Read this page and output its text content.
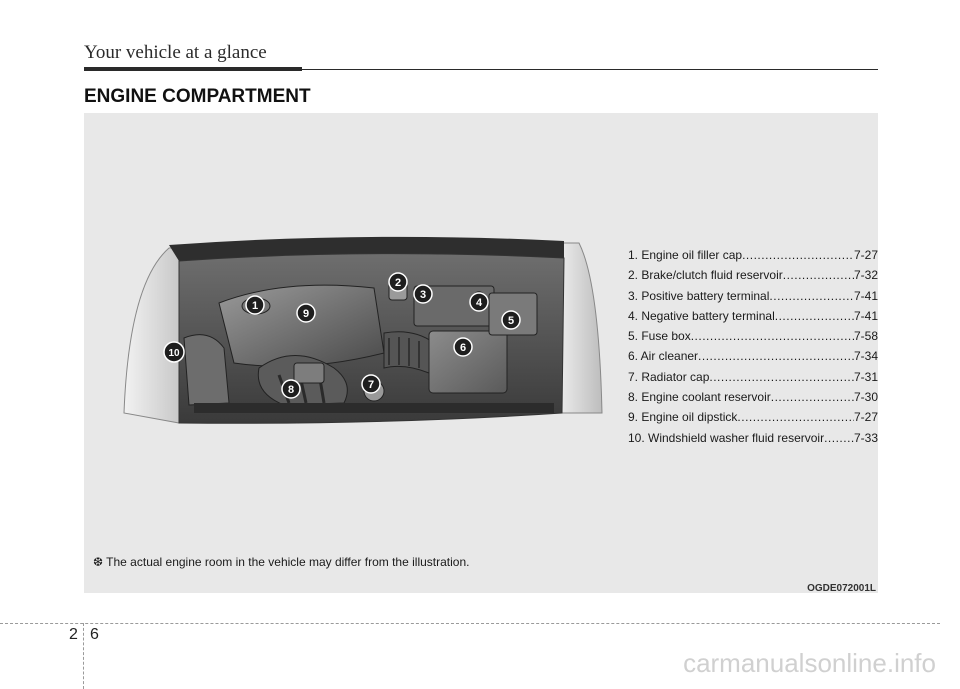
Your vehicle at a glance
ENGINE COMPARTMENT
1
2
3
4
5
6
7
8
9
10
1. Engine oil filler cap .....	7-27
2. Brake/clutch fluid reservoir .....	7-32
3. Positive battery terminal .....	7-41
4. Negative battery terminal .....	7-41
5. Fuse box .....	7-58
6. Air cleaner .....	7-34
7. Radiator cap .....	7-31
8. Engine coolant reservoir .....	7-30
9. Engine oil dipstick .....	7-27
10. Windshield washer fluid reservoir ..... 7-33
❆ The actual engine room in the vehicle may differ from the illustration.
OGDE072001L
2 6
carmanualsonline.info
